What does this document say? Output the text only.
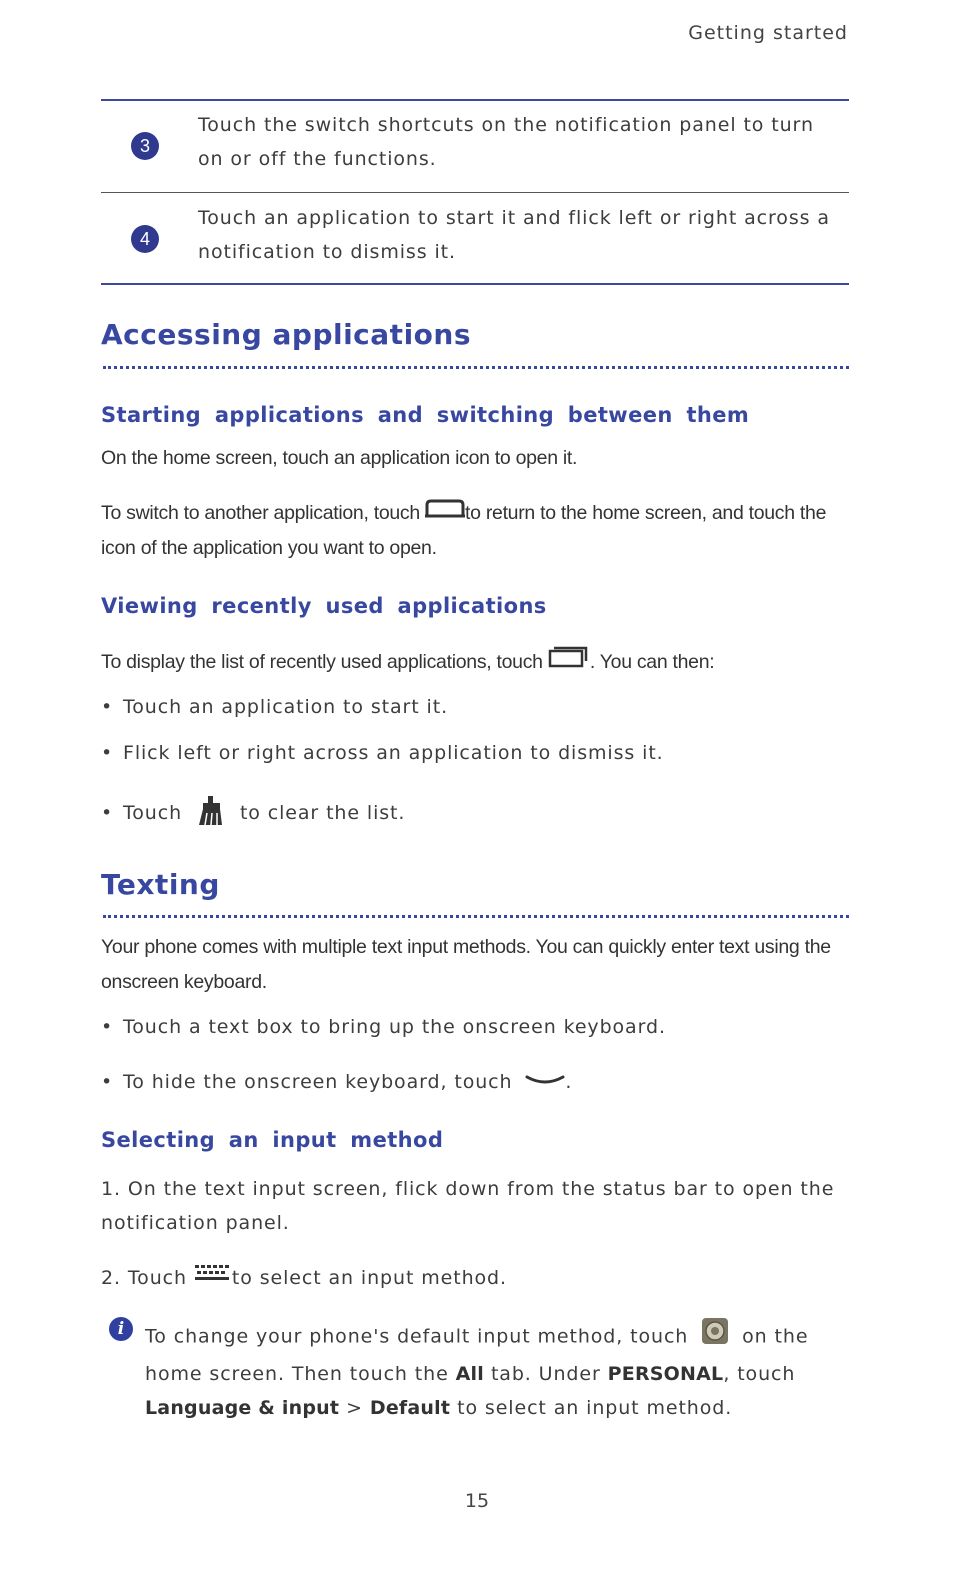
Getting started
3
Touch the switch shortcuts on the notification panel to turn on or off the functions.
4
Touch an application to start it and flick left or right across a notification to dismiss it.
Accessing applications
Starting applications and switching between them
On the home screen, touch an application icon to open it.
To switch to another application, touch to return to the home screen, and touch the icon of the application you want to open.
Viewing recently used applications
To display the list of recently used applications, touch . You can then:
• Touch an application to start it.
• Flick left or right across an application to dismiss it.
• Touch	to clear the list.
Texting
Your phone comes with multiple text input methods. You can quickly enter text using the onscreen keyboard.
• Touch a text box to bring up the onscreen keyboard.
• To hide the onscreen keyboard, touch	.
Selecting an input method
1. On the text input screen, flick down from the status bar to open the notification panel.
2. Touch to select an input method.
i	To change your phone's default input method, touch	on the home screen. Then touch the All tab. Under PERSONAL, touch Language & input > Default to select an input method.
15
